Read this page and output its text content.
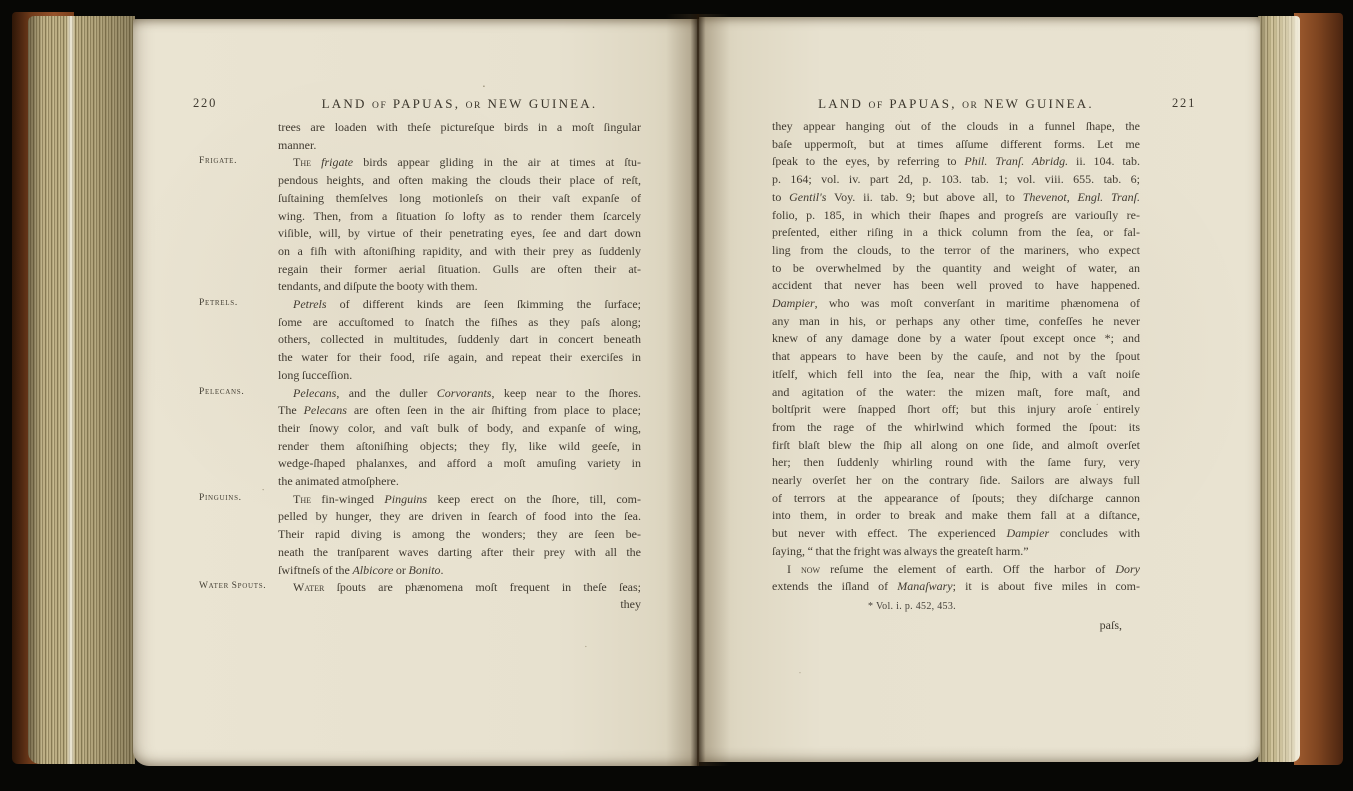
220	LAND OF PAPUAS, OR NEW GUINEA.
trees are loaden with theſe pictureſque birds in a moſt ſingular
manner.
Frigate.	The frigate birds appear gliding in the air at times at ſtu-
pendous heights, and often making the clouds their place of reſt,
ſuſtaining themſelves long motionleſs on their vaſt expanſe of
wing. Then, from a ſituation ſo lofty as to render them ſcarcely
viſible, will, by virtue of their penetrating eyes, ſee and dart down
on a fiſh with aſtoniſhing rapidity, and with their prey as ſuddenly
regain their former aerial ſituation. Gulls are often their at-
tendants, and diſpute the booty with them.
Petrels.	Petrels of different kinds are ſeen ſkimming the ſurface;
ſome are accuſtomed to ſnatch the fiſhes as they paſs along;
others, collected in multitudes, ſuddenly dart in concert beneath
the water for their food, riſe again, and repeat their exerciſes in
long ſucceſſion.
Pelecans.	Pelecans, and the duller Corvorants, keep near to the ſhores.
The Pelecans are often ſeen in the air ſhifting from place to place;
their ſnowy color, and vaſt bulk of body, and expanſe of wing,
render them aſtoniſhing objects; they fly, like wild geeſe, in
wedge-ſhaped phalanxes, and afford a moſt amuſing variety in
the animated atmoſphere.
Pinguins.	The fin-winged Pinguins keep erect on the ſhore, till, com-
pelled by hunger, they are driven in ſearch of food into the ſea.
Their rapid diving is among the wonders; they are ſeen be-
neath the tranſparent waves darting after their prey with all the
ſwiftneſs of the Albicore or Bonito.
Water Spouts.	Water ſpouts are phænomena moſt frequent in theſe ſeas;
they
221
LAND OF PAPUAS, OR NEW GUINEA.
they appear hanging out of the clouds in a funnel ſhape, the
baſe uppermoſt, but at times aſſume different forms. Let me
ſpeak to the eyes, by referring to Phil. Tranſ. Abridg. ii. 104. tab.
p. 164; vol. iv. part 2d, p. 103. tab. 1; vol. viii. 655. tab. 6;
to Gentil's Voy. ii. tab. 9; but above all, to Thevenot, Engl. Tranſ.
folio, p. 185, in which their ſhapes and progreſs are variouſly re-
preſented, either riſing in a thick column from the ſea, or fal-
ling from the clouds, to the terror of the mariners, who expect
to be overwhelmed by the quantity and weight of water, an
accident that never has been well proved to have happened.
Dampier, who was moſt converſant in maritime phænomena of
any man in his, or perhaps any other time, confeſſes he never
knew of any damage done by a water ſpout except once *; and
that appears to have been by the cauſe, and not by the ſpout
itſelf, which fell into the ſea, near the ſhip, with a vaſt noiſe
and agitation of the water: the mizen maſt, fore maſt, and
boltſprit were ſnapped ſhort off; but this injury aroſe entirely
from the rage of the whirlwind which formed the ſpout: its
firſt blaſt blew the ſhip all along on one ſide, and almoſt overſet
her; then ſuddenly whirling round with the ſame fury, very
nearly overſet her on the contrary ſide. Sailors are always full
of terrors at the appearance of ſpouts; they diſcharge cannon
into them, in order to break and make them fall at a diſtance,
but never with effect. The experienced Dampier concludes with
ſaying, “ that the fright was always the greateſt harm.”
I now reſume the element of earth. Off the harbor of Dory
extends the iſland of Manaſwary; it is about five miles in com-
* Vol. i. p. 452, 453.
paſs,
